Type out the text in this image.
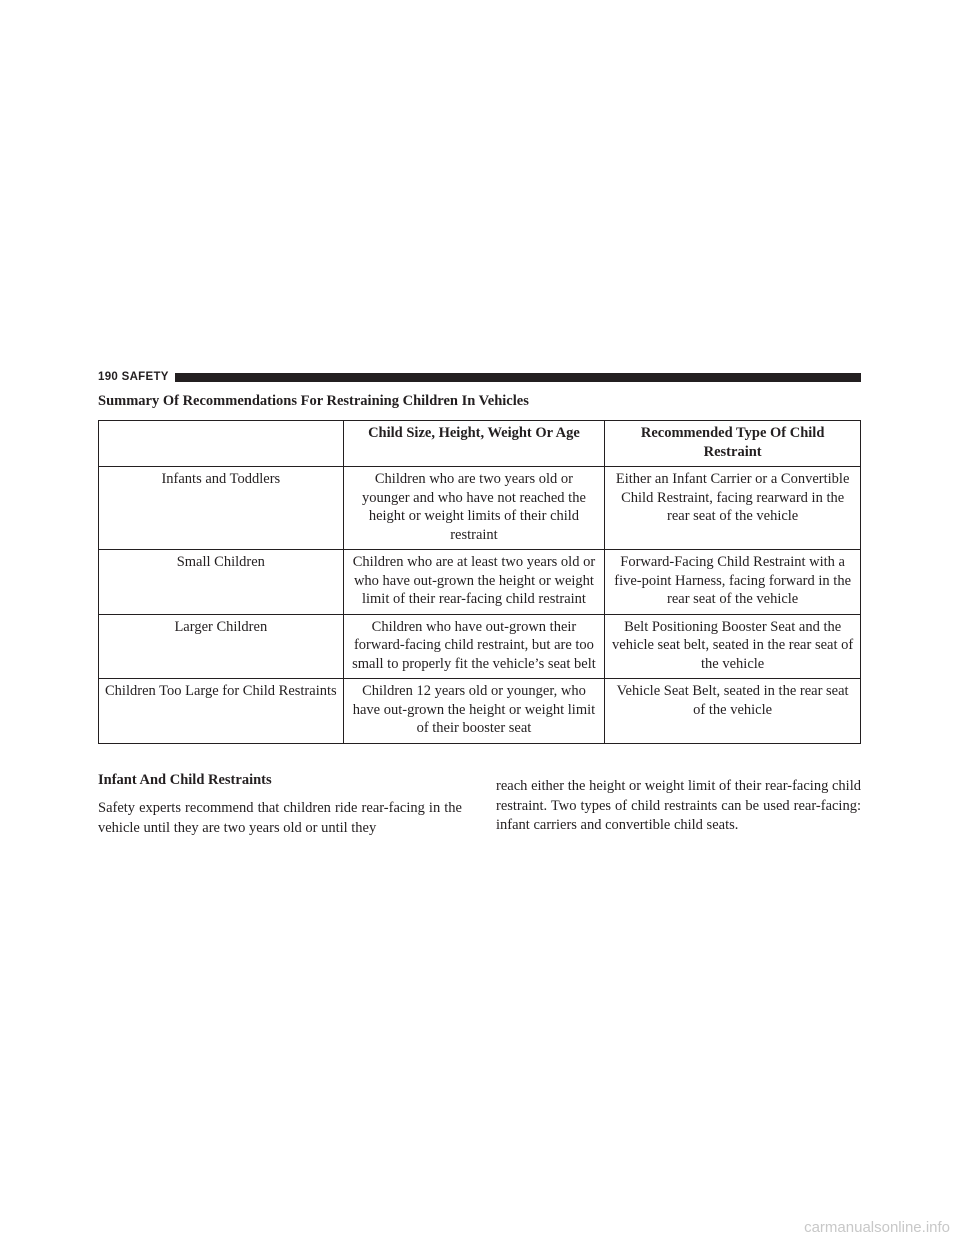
190 SAFETY
Summary Of Recommendations For Restraining Children In Vehicles
	Child Size, Height, Weight Or Age	Recommended Type Of Child Restraint
Infants and Toddlers	Children who are two years old or younger and who have not reached the height or weight limits of their child restraint	Either an Infant Carrier or a Convertible Child Restraint, facing rearward in the rear seat of the vehicle
Small Children	Children who are at least two years old or who have out-grown the height or weight limit of their rear-facing child restraint	Forward-Facing Child Restraint with a five-point Harness, facing forward in the rear seat of the vehicle
Larger Children	Children who have out-grown their forward-facing child restraint, but are too small to properly fit the vehicle’s seat belt	Belt Positioning Booster Seat and the vehicle seat belt, seated in the rear seat of the vehicle
Children Too Large for Child Restraints	Children 12 years old or younger, who have out-grown the height or weight limit of their booster seat	Vehicle Seat Belt, seated in the rear seat of the vehicle
Infant And Child Restraints

Safety experts recommend that children ride rear-facing in the vehicle until they are two years old or until they

reach either the height or weight limit of their rear-facing child restraint. Two types of child restraints can be used rear-facing: infant carriers and convertible child seats.

carmanualsonline.info
